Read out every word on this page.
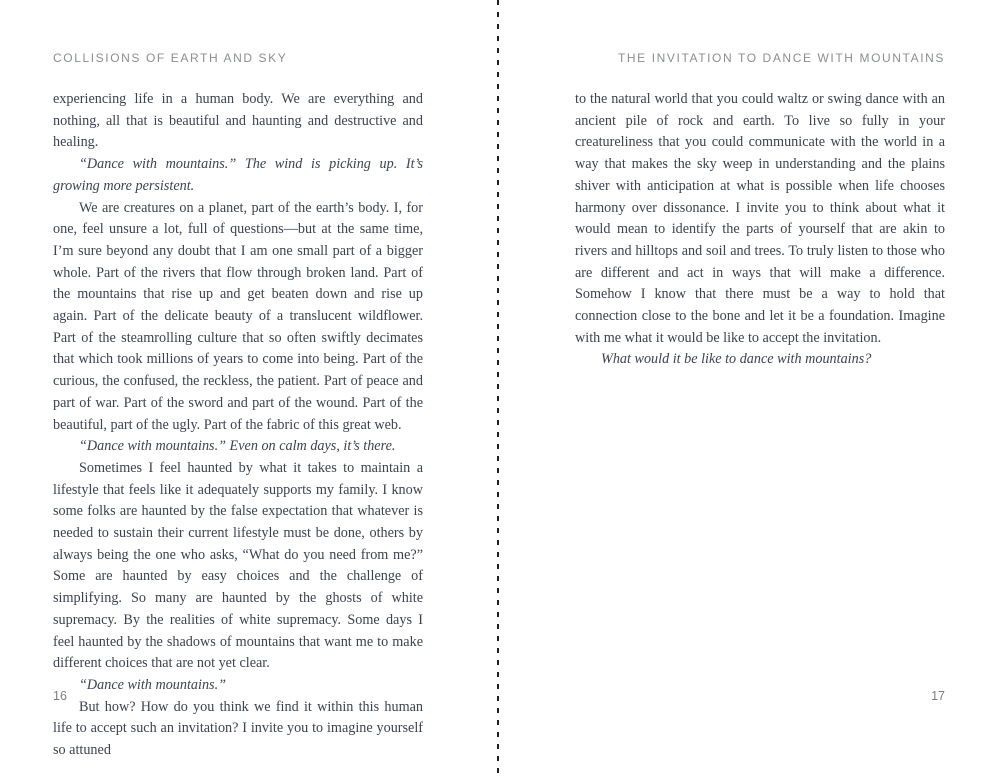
COLLISIONS OF EARTH AND SKY

experiencing life in a human body. We are everything and nothing, all that is beautiful and haunting and destructive and healing.

“Dance with mountains.” The wind is picking up. It’s growing more persistent.

We are creatures on a planet, part of the earth’s body. I, for one, feel unsure a lot, full of questions—but at the same time, I’m sure beyond any doubt that I am one small part of a bigger whole. Part of the rivers that flow through broken land. Part of the mountains that rise up and get beaten down and rise up again. Part of the delicate beauty of a translucent wildflower. Part of the steamrolling culture that so often swiftly decimates that which took millions of years to come into being. Part of the curious, the confused, the reckless, the patient. Part of peace and part of war. Part of the sword and part of the wound. Part of the beautiful, part of the ugly. Part of the fabric of this great web.

“Dance with mountains.” Even on calm days, it’s there.

Sometimes I feel haunted by what it takes to maintain a lifestyle that feels like it adequately supports my family. I know some folks are haunted by the false expectation that whatever is needed to sustain their current lifestyle must be done, others by always being the one who asks, “What do you need from me?” Some are haunted by easy choices and the challenge of simplifying. So many are haunted by the ghosts of white supremacy. By the realities of white supremacy. Some days I feel haunted by the shadows of mountains that want me to make different choices that are not yet clear.

“Dance with mountains.”

But how? How do you think we find it within this human life to accept such an invitation? I invite you to imagine yourself so attuned

16
THE INVITATION TO DANCE WITH MOUNTAINS

to the natural world that you could waltz or swing dance with an ancient pile of rock and earth. To live so fully in your creatureliness that you could communicate with the world in a way that makes the sky weep in understanding and the plains shiver with anticipation at what is possible when life chooses harmony over dissonance. I invite you to think about what it would mean to identify the parts of yourself that are akin to rivers and hilltops and soil and trees. To truly listen to those who are different and act in ways that will make a difference. Somehow I know that there must be a way to hold that connection close to the bone and let it be a foundation. Imagine with me what it would be like to accept the invitation.

What would it be like to dance with mountains?

17
